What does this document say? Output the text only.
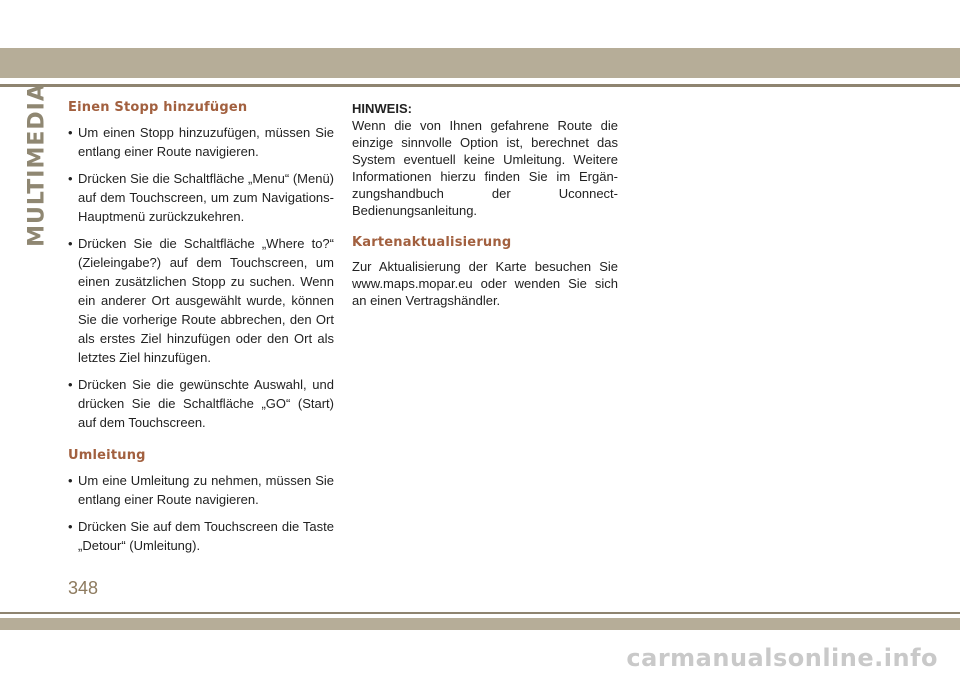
MULTIMEDIA Einen Stopp hinzufügen
• Um einen Stopp hinzuzufügen, müssen Sie entlang einer Route navigieren.
• Drücken Sie die Schaltfläche „Menu“ (Menü) auf dem Touchscreen, um zum Navigations-Hauptmenü zurückzukehren.
• Drücken Sie die Schaltfläche „Where to?“ (Zieleingabe?) auf dem Touchscreen, um einen zusätzlichen Stopp zu suchen. Wenn ein anderer Ort ausgewählt wurde, können Sie die vorherige Route abbrechen, den Ort als erstes Ziel hinzufügen oder den Ort als letztes Ziel hinzufügen.
• Drücken Sie die gewünschte Auswahl, und drücken Sie die Schaltfläche „GO“ (Start) auf dem Touchscreen.
Umleitung
• Um eine Umleitung zu nehmen, müssen Sie entlang einer Route navigieren.
• Drücken Sie auf dem Touchscreen die Taste „Detour“ (Umleitung).
HINWEIS:

Wenn die von Ihnen gefahrene Route die einzige sinnvolle Option ist, berechnet das System eventuell keine Umleitung. Weitere Informationen hierzu finden Sie im Ergän-zungshandbuch der Uconnect-Bedienungsanleitung.

Kartenaktualisierung

Zur Aktualisierung der Karte besuchen Sie www.maps.mopar.eu oder wenden Sie sich an einen Vertragshändler.

348
carmanualsonline.info
